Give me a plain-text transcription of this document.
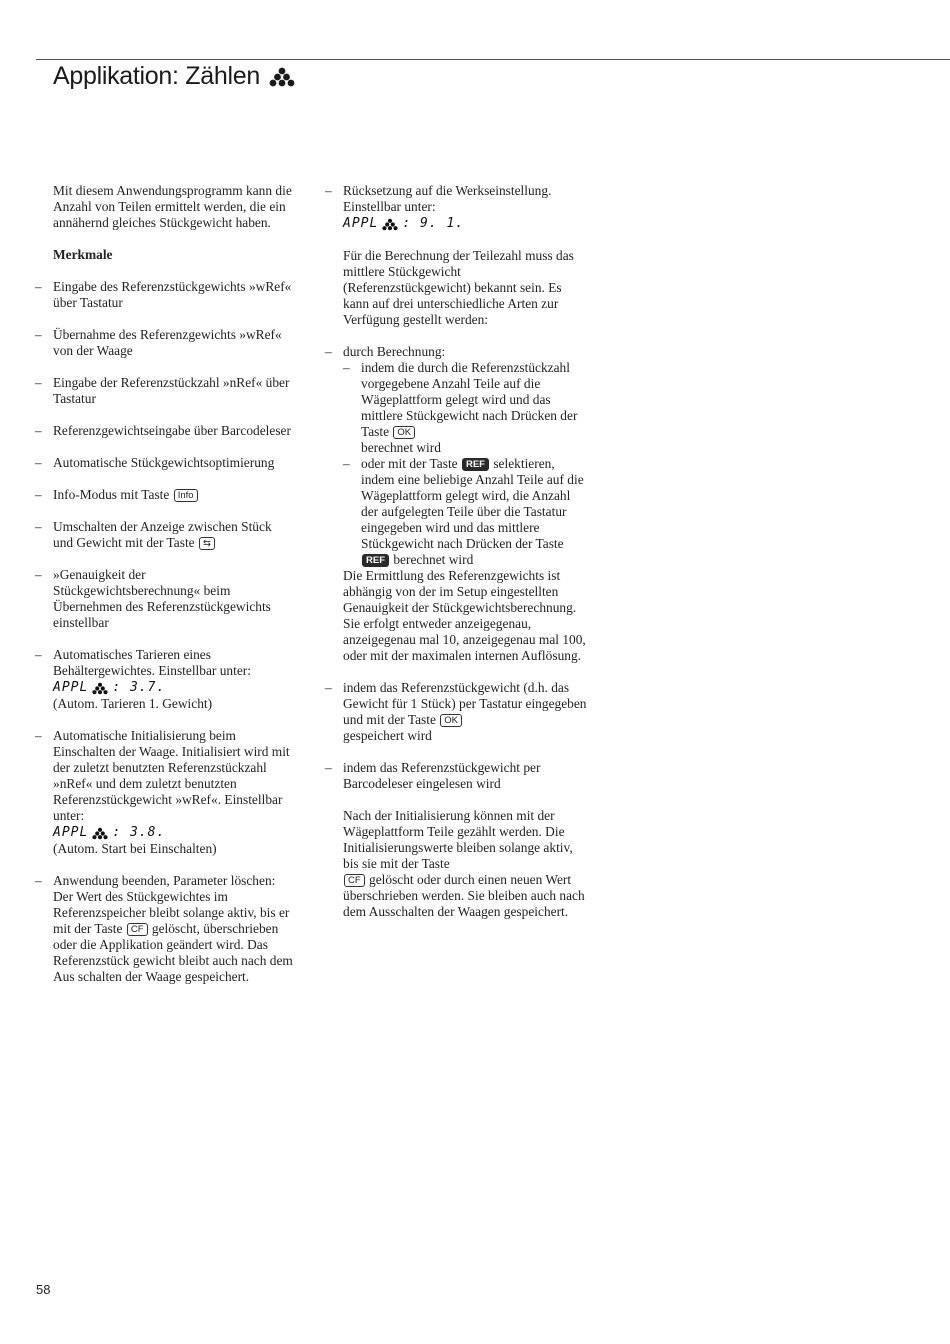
Applikation: Zählen

Mit diesem Anwendungsprogramm kann die Anzahl von Teilen ermittelt werden, die ein annähernd gleiches Stückgewicht haben.

Merkmale

– Eingabe des Referenzstückgewichts »wRef« über Tastatur
– Übernahme des Referenzgewichts »wRef« von der Waage
– Eingabe der Referenzstückzahl »nRef« über Tastatur
– Referenzgewichtseingabe über Barcodeleser
– Automatische Stückgewichtsoptimierung
– Info-Modus mit Taste Info
– Umschalten der Anzeige zwischen Stück und Gewicht mit der Taste ⇆
– »Genauigkeit der Stückgewichtsberechnung« beim Übernehmen des Referenzstückgewichts einstellbar
– Automatisches Tarieren eines Behältergewichtes. Einstellbar unter:

APPL : 3.7.

(Autom. Tarieren 1. Gewicht)
– Automatische Initialisierung beim Einschalten der Waage. Initialisiert wird mit der zuletzt benutzten Referenzstückzahl »nRef« und dem zuletzt benutzten Referenzstückgewicht »wRef«. Einstellbar unter:

APPL : 3.8.

(Autom. Start bei Einschalten)
– Anwendung beenden, Parameter löschen:
Der Wert des Stückgewichtes im Referenzspeicher bleibt solange aktiv, bis er mit der Taste CF gelöscht, überschrieben oder die Applikation geändert wird. Das Referenzstück gewicht bleibt auch nach dem Aus schalten der Waage gespeichert.
– Rücksetzung auf die Werkseinstellung. Einstellbar unter:

APPL : 9. 1.

Für die Berechnung der Teilezahl muss das mittlere Stückgewicht (Referenzstückgewicht) bekannt sein. Es kann auf drei unterschiedliche Arten zur Verfügung gestellt werden:

– durch Berechnung:
– indem die durch die Referenzstückzahl vorgegebene Anzahl Teile auf die Wägeplattform gelegt wird und das mittlere Stückgewicht nach Drücken der Taste OK
berechnet wird
– oder mit der Taste REF selektieren, indem eine beliebige Anzahl Teile auf die Wägeplattform gelegt wird, die Anzahl der aufgelegten Teile über die Tastatur eingegeben wird und das mittlere Stückgewicht nach Drücken der Taste REF berechnet wird
Die Ermittlung des Referenzgewichts ist abhängig von der im Setup eingestellten Genauigkeit der Stückgewichtsberechnung. Sie erfolgt entweder anzeigegenau, anzeigegenau mal 10, anzeigegenau mal 100, oder mit der maximalen internen Auflösung.
– indem das Referenzstückgewicht (d.h. das Gewicht für 1 Stück) per Tastatur eingegeben und mit der Taste OK
gespeichert wird
– indem das Referenzstückgewicht per Barcodeleser eingelesen wird

Nach der Initialisierung können mit der Wägeplattform Teile gezählt werden. Die Initialisierungswerte bleiben solange aktiv, bis sie mit der Taste
CF gelöscht oder durch einen neuen Wert überschrieben werden. Sie bleiben auch nach dem Ausschalten der Waagen gespeichert.

58
